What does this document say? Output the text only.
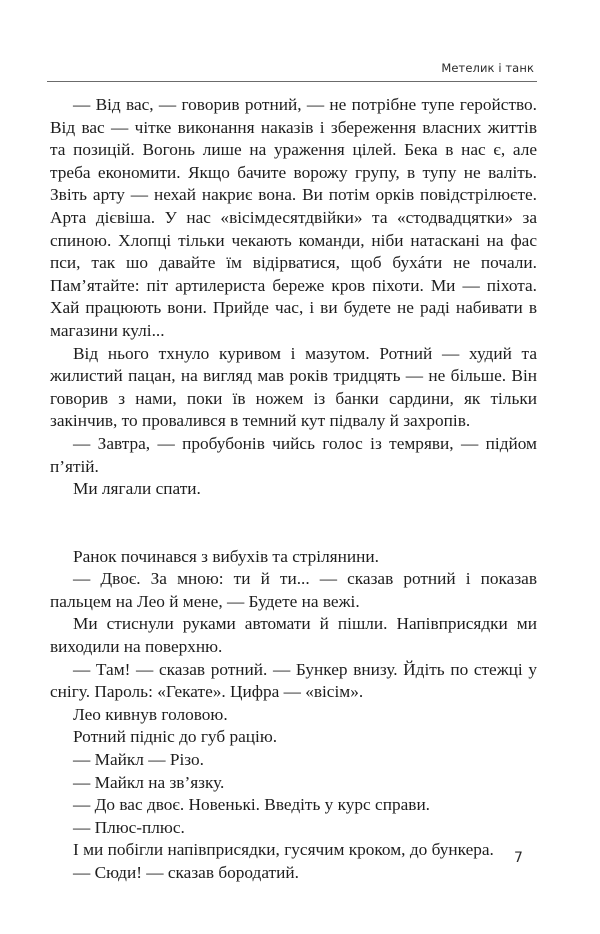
Метелик і танк

— Від вас, — говорив ротний, — не потрібне тупе геройство. Від вас — чітке виконання наказів і збереження власних життів та позицій. Вогонь лише на ураження цілей. Бека в нас є, але треба економити. Якщо бачите ворожу групу, в тупу не валіть. Звіть арту — нехай накриє вона. Ви потім орків повідстрілюєте. Арта дієвіша. У нас «вісімдесятдвійки» та «стодвадцятки» за спиною. Хлопці тільки чекають команди, ніби натаскані на фас пси, так шо давайте їм відірватися, щоб бухáти не почали. Пам’ятайте: піт артилериста береже кров піхоти. Ми — піхота. Хай працюють вони. Прийде час, і ви будете не раді набивати в магазини кулі...

Від нього тхнуло куривом і мазутом. Ротний — худий та жилистий пацан, на вигляд мав років тридцять — не більше. Він говорив з нами, поки їв ножем із банки сардини, як тільки закінчив, то провалився в темний кут підвалу й захропів.

— Завтра, — пробубонів чийсь голос із темряви, — підйом п’ятій.

Ми лягали спати.

Ранок починався з вибухів та стрілянини.

— Двоє. За мною: ти й ти... — сказав ротний і показав пальцем на Лео й мене, — Будете на вежі.

Ми стиснули руками автомати й пішли. Напівприсядки ми виходили на поверхню.

— Там! — сказав ротний. — Бункер внизу. Йдіть по стежці у снігу. Пароль: «Гекате». Цифра — «вісім».

Лео кивнув головою.

Ротний підніс до губ рацію.

— Майкл — Різо.

— Майкл на зв’язку.

— До вас двоє. Новенькі. Введіть у курс справи.

— Плюс-плюс.

І ми побігли напівприсядки, гусячим кроком, до бункера.

— Сюди! — сказав бородатий.

7
